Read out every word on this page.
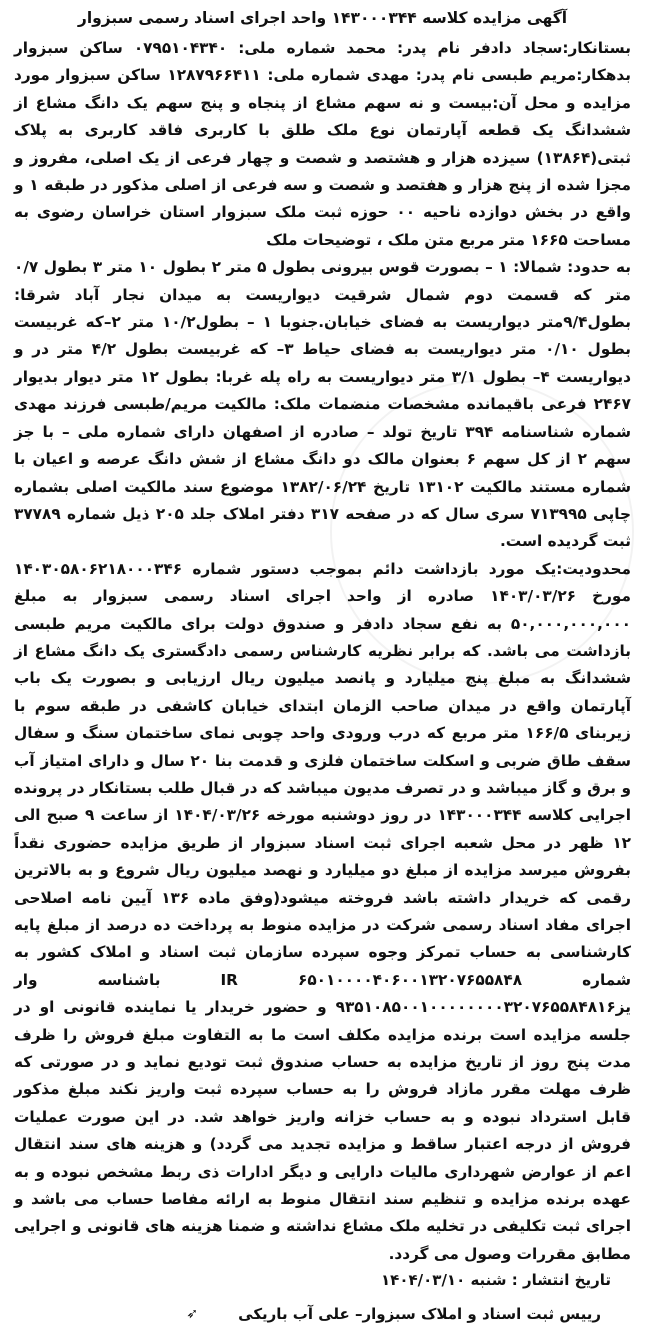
آگهی مزایده کلاسه ۱۴۳۰۰۰۳۴۴ واحد اجرای اسناد رسمی سبزوار

بستانکار:سجاد دادفر نام پدر: محمد شماره ملی: ۰۷۹۵۱۰۴۳۴۰ ساکن سبزوار بدهکار:مریم طبسی نام پدر: مهدی شماره ملی: ۱۲۸۷۹۶۶۴۱۱ ساکن سبزوار مورد مزایده و محل آن:بیست و نه سهم مشاع از پنجاه و پنج سهم یک دانگ مشاع از ششدانگ یک قطعه آپارتمان نوع ملک طلق با کاربری فاقد کاربری به پلاک ثبتی(۱۳۸۶۴) سیزده هزار و هشتصد و شصت و چهار فرعی از یک اصلی، مفروز و مجزا شده از پنج هزار و هفتصد و شصت و سه فرعی از اصلی مذکور در طبقه ۱ و واقع در بخش دوازده ناحیه ۰۰ حوزه ثبت ملک سبزوار استان خراسان رضوی به مساحت ۱۶۶۵ متر مربع متن ملک ، توضیحات ملک

به حدود: شمالا: ۱ – بصورت قوس بیرونی بطول ۵ متر ۲ بطول ۱۰ متر ۳ بطول ۰/۷ متر که قسمت دوم شمال شرقیت دیواریست به میدان نجار آباد شرقا: بطول۹/۴متر دیواریست به فضای خیابان.جنوبا ۱ – بطول۱۰/۲ متر ۲–که غربیست بطول ۰/۱۰ متر دیواریست به فضای حیاط ۳– که غربیست بطول ۴/۲ متر در و دیواریست ۴– بطول ۳/۱ متر دیواریست به راه پله غربا: بطول ۱۲ متر دیوار بدیوار ۲۴۶۷ فرعی باقیمانده مشخصات منضمات ملک: مالکیت مریم/طبسی فرزند مهدی شماره شناسنامه ۳۹۴ تاریخ تولد – صادره از اصفهان دارای شماره ملی – با جز سهم ۲ از کل سهم ۶ بعنوان مالک دو دانگ مشاع از شش دانگ عرصه و اعیان با شماره مستند مالکیت ۱۳۱۰۲ تاریخ ۱۳۸۲/۰۶/۲۴ موضوع سند مالکیت اصلی بشماره چاپی ۷۱۳۹۹۵ سری سال که در صفحه ۳۱۷ دفتر املاک جلد ۲۰۵ ذیل شماره ۳۷۷۸۹ ثبت گردیده است.

محدودیت:یک مورد بازداشت دائم بموجب دستور شماره ۱۴۰۳۰۵۸۰۶۲۱۸۰۰۰۳۴۶ مورخ ۱۴۰۳/۰۳/۲۶ صادره از واحد اجرای اسناد رسمی سبزوار به مبلغ ۵۰,۰۰۰,۰۰۰,۰۰۰ به نفع سجاد دادفر و صندوق دولت برای مالکیت مریم طبسی بازداشت می باشد. که برابر نظریه کارشناس رسمی دادگستری یک دانگ مشاع از ششدانگ به مبلغ پنج میلیارد و پانصد میلیون ریال ارزیابی و بصورت یک باب آپارتمان واقع در میدان صاحب الزمان ابتدای خیابان کاشفی در طبقه سوم با زیربنای ۱۶۶/۵ متر مربع که درب ورودی واحد چوبی نمای ساختمان سنگ و سفال سقف طاق ضربی و اسکلت ساختمان فلزی و قدمت بنا ۲۰ سال و دارای امتیاز آب و برق و گاز میباشد و در تصرف مدیون میباشد که در قبال طلب بستانکار در پرونده اجرایی کلاسه ۱۴۳۰۰۰۳۴۴ در روز دوشنبه مورخه ۱۴۰۴/۰۳/۲۶ از ساعت ۹ صبح الی ۱۲ ظهر در محل شعبه اجرای ثبت اسناد سبزوار از طریق مزایده حضوری نقداً بفروش میرسد مزایده از مبلغ دو میلیارد و نهصد میلیون ریال شروع و به بالاترین رقمی که خریدار داشته باشد فروخته میشود(وفق ماده ۱۳۶ آیین نامه اصلاحی اجرای مفاد اسناد رسمی شرکت در مزایده منوط به پرداخت ده درصد از مبلغ پایه کارشناسی به حساب تمرکز وجوه سپرده سازمان ثبت اسناد و املاک کشور به شماره IR ۶۵۰۱۰۰۰۰۴۰۶۰۰۱۳۲۰۷۶۵۵۸۴۸ باشناسه وار یز۹۳۵۱۰۸۵۰۰۱۰۰۰۰۰۰۰۰۳۲۰۷۶۵۵۸۴۸۱۶ و حضور خریدار یا نماینده قانونی او در جلسه مزایده است برنده مزایده مکلف است ما به التفاوت مبلغ فروش را ظرف مدت پنج روز از تاریخ مزایده به حساب صندوق ثبت توديع نمايد و در صورتی که ظرف مهلت مقرر مازاد فروش را به حساب سپرده ثبت واریز نکند مبلغ مذکور قابل استرداد نبوده و به حساب خزانه واریز خواهد شد. در این صورت عملیات فروش از درجه اعتبار ساقط و مزایده تجدید می گردد) و هزینه های سند انتقال اعم از عوارض شهرداری مالیات دارایی و دیگر ادارات ذی ربط مشخص نبوده و به عهده برنده مزایده و تنظیم سند انتقال منوط به ارائه مفاصا حساب می باشد و اجرای ثبت تکلیفی در تخلیه ملک مشاع نداشته و ضمنا هزینه های قانونی و اجرایی مطابق مقررات وصول می گردد.

تاریخ انتشار : شنبه ۱۴۰۴/۰۳/۱۰

رییس ثبت اسناد و املاک سبزوار– علی آب باریکی
➶
